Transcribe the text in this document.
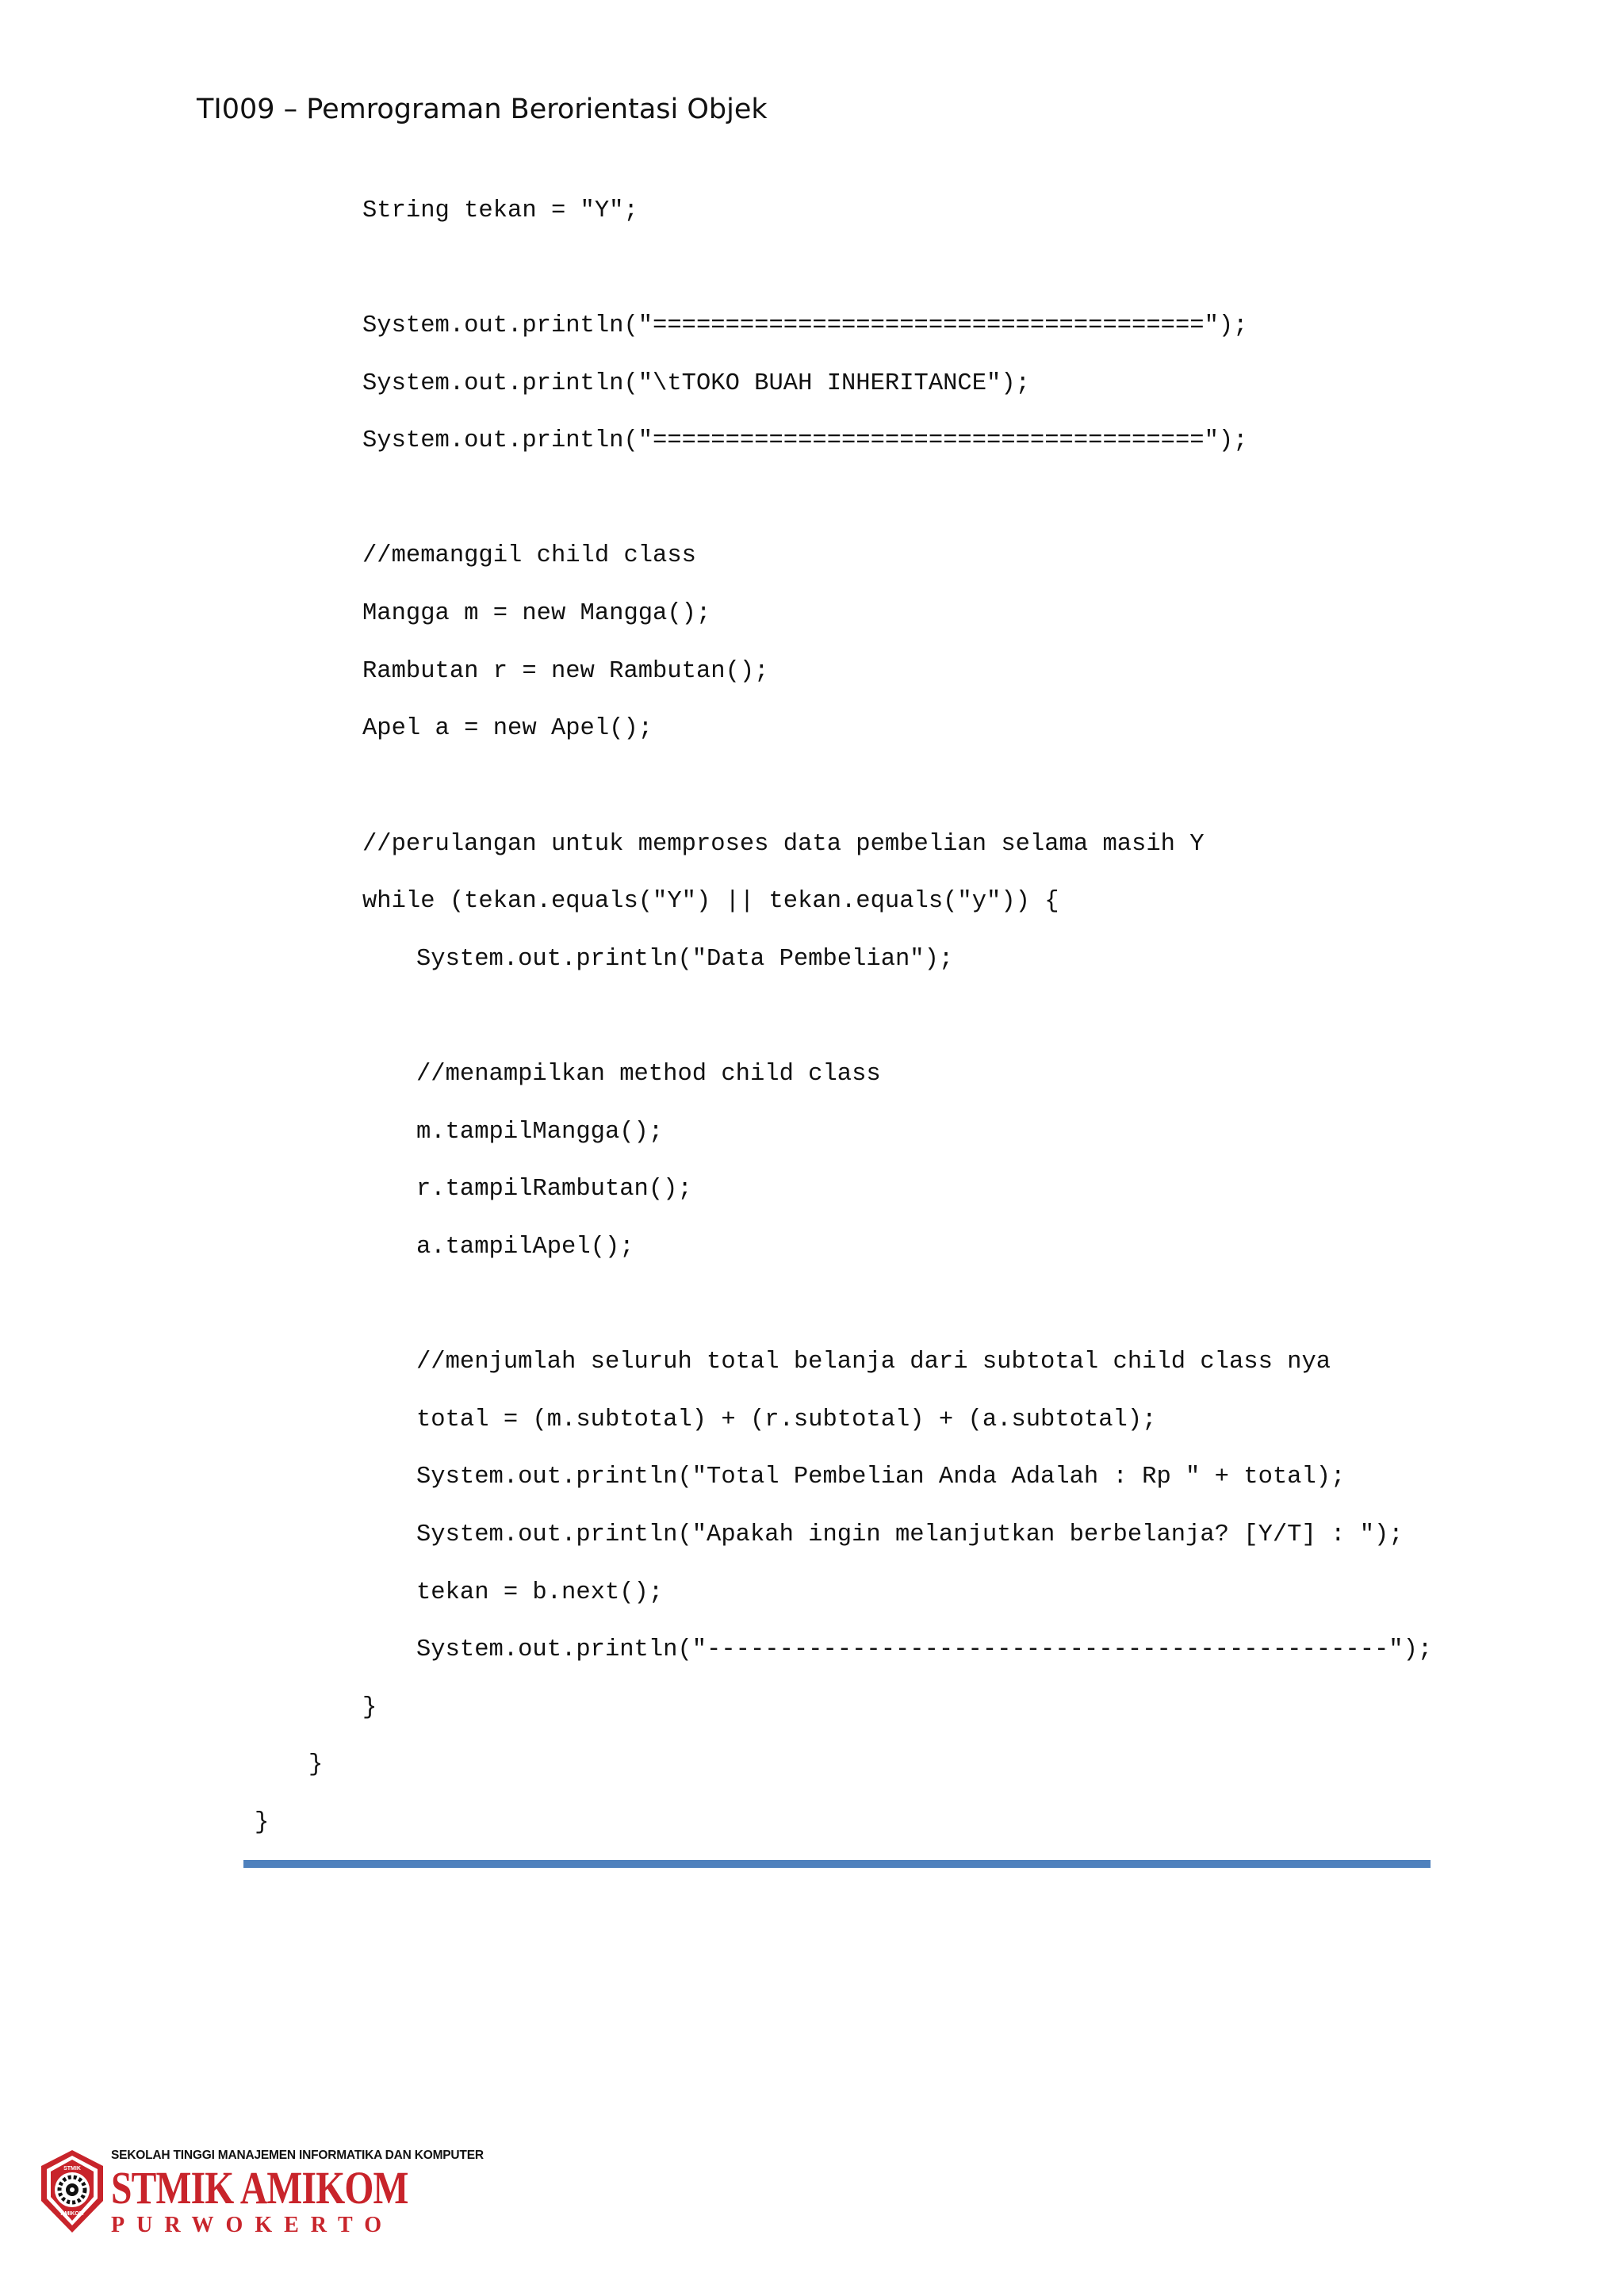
TI009 – Pemrograman Berorientasi Objek
String tekan = "Y";
System.out.println("======================================");
System.out.println("\tTOKO BUAH INHERITANCE");
System.out.println("======================================");
//memanggil child class
Mangga m = new Mangga();
Rambutan r = new Rambutan();
Apel a = new Apel();
//perulangan untuk memproses data pembelian selama masih Y
while (tekan.equals("Y") || tekan.equals("y")) {
System.out.println("Data Pembelian");
//menampilkan method child class
m.tampilMangga();
r.tampilRambutan();
a.tampilApel();
//menjumlah seluruh total belanja dari subtotal child class nya
total = (m.subtotal) + (r.subtotal) + (a.subtotal);
System.out.println("Total Pembelian Anda Adalah : Rp " + total);
System.out.println("Apakah ingin melanjutkan berbelanja? [Y/T] : ");
tekan = b.next();
System.out.println("-----------------------------------------------");
}
}
}
STMIK
AMIKOM
SEKOLAH TINGGI MANAJEMEN INFORMATIKA DAN KOMPUTER
STMIK AMIKOM
PURWOKERTO
